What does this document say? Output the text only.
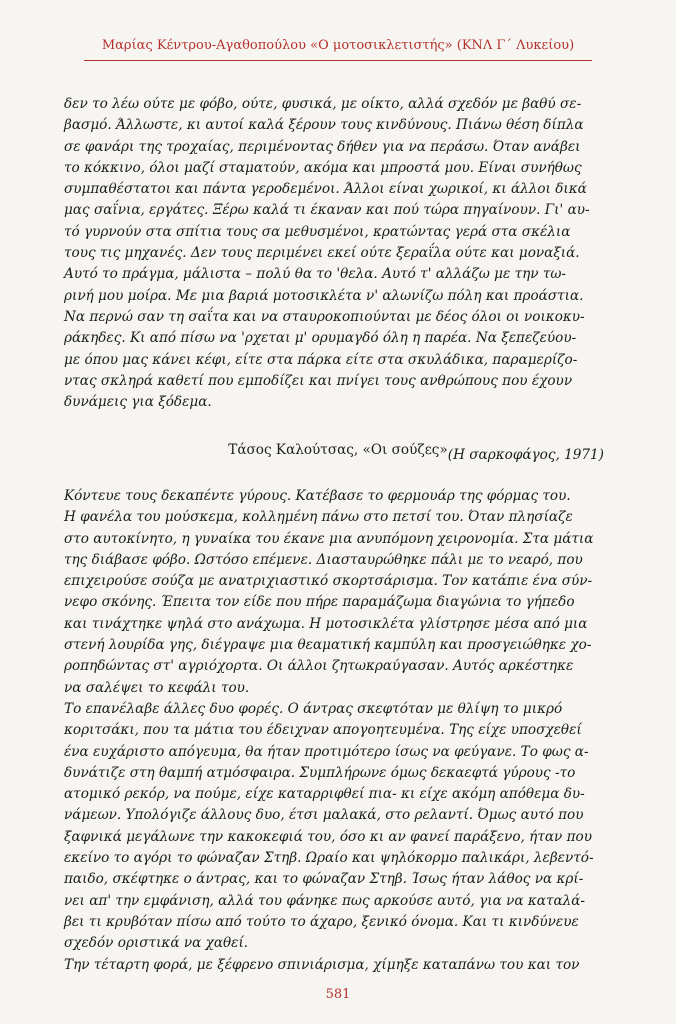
Μαρίας Κέντρου-Αγαθοπούλου «Ο μοτοσικλετιστής» (ΚΝΛ Γ΄ Λυκείου)
δεν το λέω ούτε με φόβο, ούτε, φυσικά, με οίκτο, αλλά σχεδόν με βαθύ σε-
βασμό. Άλλωστε, κι αυτοί καλά ξέρουν τους κινδύνους. Πιάνω θέση δίπλα
σε φανάρι της τροχαίας, περιμένοντας δήθεν για να περάσω. Όταν ανάβει
το κόκκινο, όλοι μαζί σταματούν, ακόμα και μπροστά μου. Είναι συνήθως
συμπαθέστατοι και πάντα γεροδεμένοι. Άλλοι είναι χωρικοί, κι άλλοι δικά
μας σαΐνια, εργάτες. Ξέρω καλά τι έκαναν και πού τώρα πηγαίνουν. Γι' αυ-
τό γυρνούν στα σπίτια τους σα μεθυσμένοι, κρατώντας γερά στα σκέλια
τους τις μηχανές. Δεν τους περιμένει εκεί ούτε ξεραΐλα ούτε και μοναξιά.
Αυτό το πράγμα, μάλιστα – πολύ θα το 'θελα. Αυτό τ' αλλάζω με την τω-
ρινή μου μοίρα. Με μια βαριά μοτοσικλέτα ν' αλωνίζω πόλη και προάστια.
Να περνώ σαν τη σαΐτα και να σταυροκοπιούνται με δέος όλοι οι νοικοκυ-
ράκηδες. Κι από πίσω να 'ρχεται μ' ορυμαγδό όλη η παρέα. Να ξεπεζεύου-
με όπου μας κάνει κέφι, είτε στα πάρκα είτε στα σκυλάδικα, παραμερίζο-
ντας σκληρά καθετί που εμποδίζει και πνίγει τους ανθρώπους που έχουν
δυνάμεις για ξόδεμα.
(Η σαρκοφάγος, 1971)
Τάσος Καλούτσας, «Οι σούζες»
Κόντευε τους δεκαπέντε γύρους. Κατέβασε το φερμουάρ της φόρμας του.
Η φανέλα του μούσκεμα, κολλημένη πάνω στο πετσί του. Όταν πλησίαζε
στο αυτοκίνητο, η γυναίκα του έκανε μια ανυπόμονη χειρονομία. Στα μάτια
της διάβασε φόβο. Ωστόσο επέμενε. Διασταυρώθηκε πάλι με το νεαρό, που
επιχειρούσε σούζα με ανατριχιαστικό σκορτσάρισμα. Τον κατάπιε ένα σύν-
νεφο σκόνης. Έπειτα τον είδε που πήρε παραμάζωμα διαγώνια το γήπεδο
και τινάχτηκε ψηλά στο ανάχωμα. Η μοτοσικλέτα γλίστρησε μέσα από μια
στενή λουρίδα γης, διέγραψε μια θεαματική καμπύλη και προσγειώθηκε χο-
ροπηδώντας στ' αγριόχορτα. Οι άλλοι ζητωκραύγασαν. Αυτός αρκέστηκε
να σαλέψει το κεφάλι του.
Το επανέλαβε άλλες δυο φορές. Ο άντρας σκεφτόταν με θλίψη το μικρό
κοριτσάκι, που τα μάτια του έδειχναν απογοητευμένα. Της είχε υποσχεθεί
ένα ευχάριστο απόγευμα, θα ήταν προτιμότερο ίσως να φεύγανε. Το φως α-
δυνάτιζε στη θαμπή ατμόσφαιρα. Συμπλήρωνε όμως δεκαεφτά γύρους -το
ατομικό ρεκόρ, να πούμε, είχε καταρριφθεί πια- κι είχε ακόμη απόθεμα δυ-
νάμεων. Υπολόγιζε άλλους δυο, έτσι μαλακά, στο ρελαντί. Όμως αυτό που
ξαφνικά μεγάλωνε την κακοκεφιά του, όσο κι αν φανεί παράξενο, ήταν που
εκείνο το αγόρι το φώναζαν Στηβ. Ωραίο και ψηλόκορμο παλικάρι, λεβεντό-
παιδο, σκέφτηκε ο άντρας, και το φώναζαν Στηβ. Ίσως ήταν λάθος να κρί-
νει απ' την εμφάνιση, αλλά του φάνηκε πως αρκούσε αυτό, για να καταλά-
βει τι κρυβόταν πίσω από τούτο το άχαρο, ξενικό όνομα. Και τι κινδύνευε
σχεδόν οριστικά να χαθεί.
Την τέταρτη φορά, με ξέφρενο σπινιάρισμα, χίμηξε καταπάνω του και τον
581
